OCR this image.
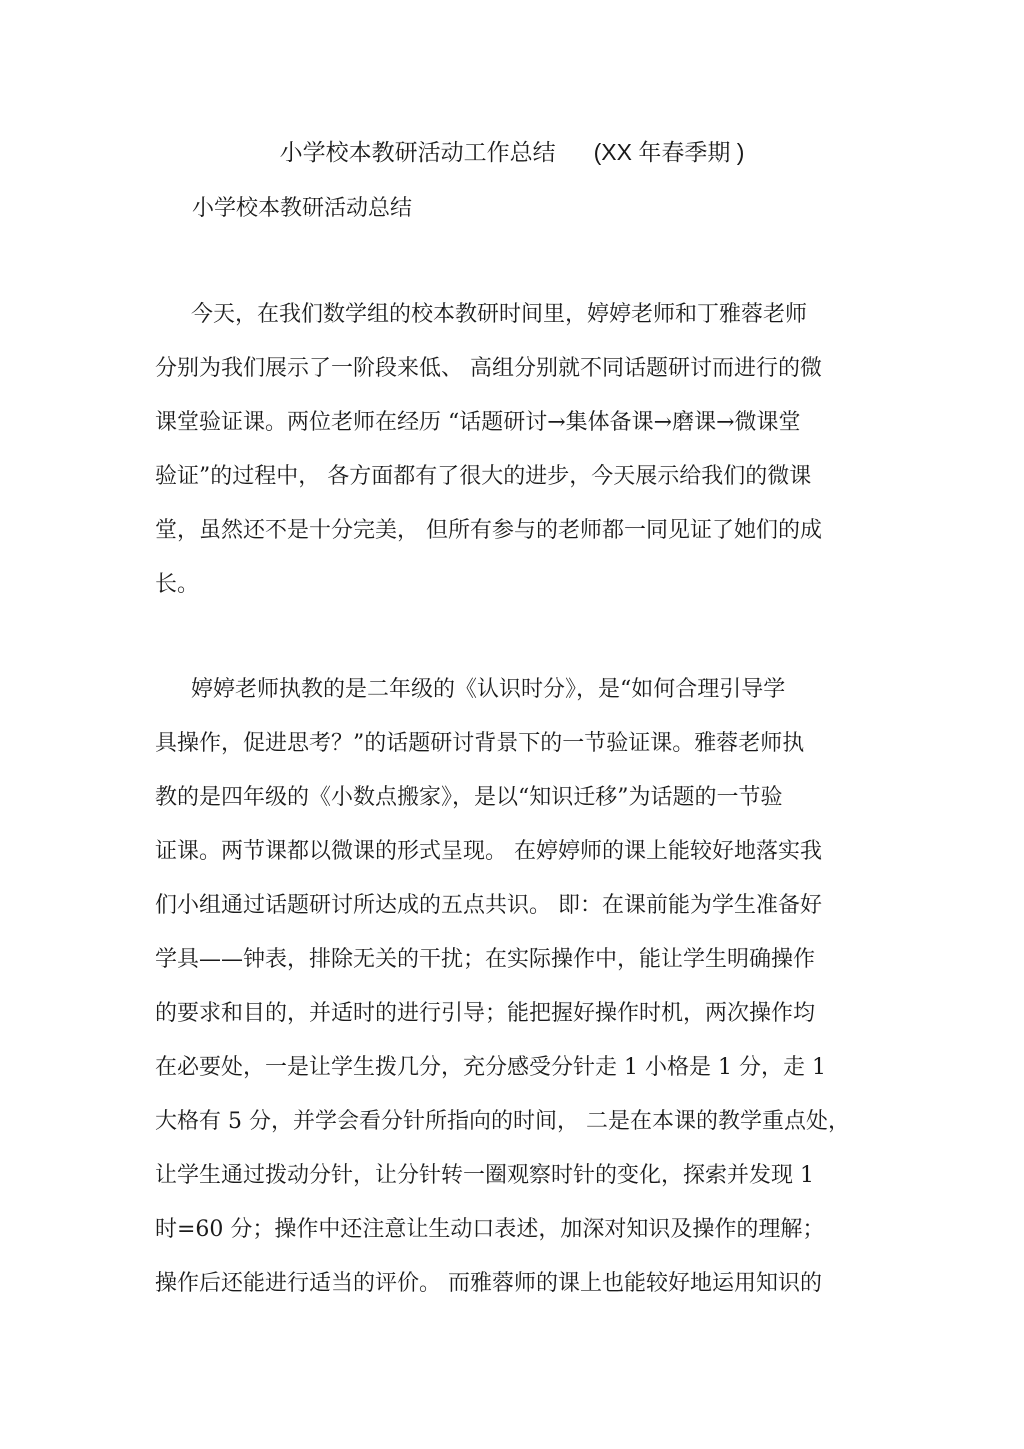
小学校本教研活动工作总结 (XX 年春季期 )
小学校本教研活动总结
今天，在我们数学组的校本教研时间里，婷婷老师和丁雅蓉老师
分别为我们展示了一阶段来低、 高组分别就不同话题研讨而进行的微
课堂验证课。两位老师在经历 “话题研讨→集体备课→磨课→微课堂
验证”的过程中， 各方面都有了很大的进步，今天展示给我们的微课
堂，虽然还不是十分完美， 但所有参与的老师都一同见证了她们的成
长。
婷婷老师执教的是二年级的《认识时分》，是“如何合理引导学
具操作，促进思考？”的话题研讨背景下的一节验证课。雅蓉老师执
教的是四年级的《小数点搬家》，是以“知识迁移”为话题的一节验
证课。两节课都以微课的形式呈现。 在婷婷师的课上能较好地落实我
们小组通过话题研讨所达成的五点共识。 即：在课前能为学生准备好
学具——钟表，排除无关的干扰；在实际操作中，能让学生明确操作
的要求和目的，并适时的进行引导；能把握好操作时机，两次操作均
在必要处，一是让学生拨几分，充分感受分针走 1 小格是 1 分，走 1
大格有 5 分，并学会看分针所指向的时间， 二是在本课的教学重点处，
让学生通过拨动分针，让分针转一圈观察时针的变化，探索并发现 1
时=60 分；操作中还注意让生动口表述，加深对知识及操作的理解；
操作后还能进行适当的评价。 而雅蓉师的课上也能较好地运用知识的
